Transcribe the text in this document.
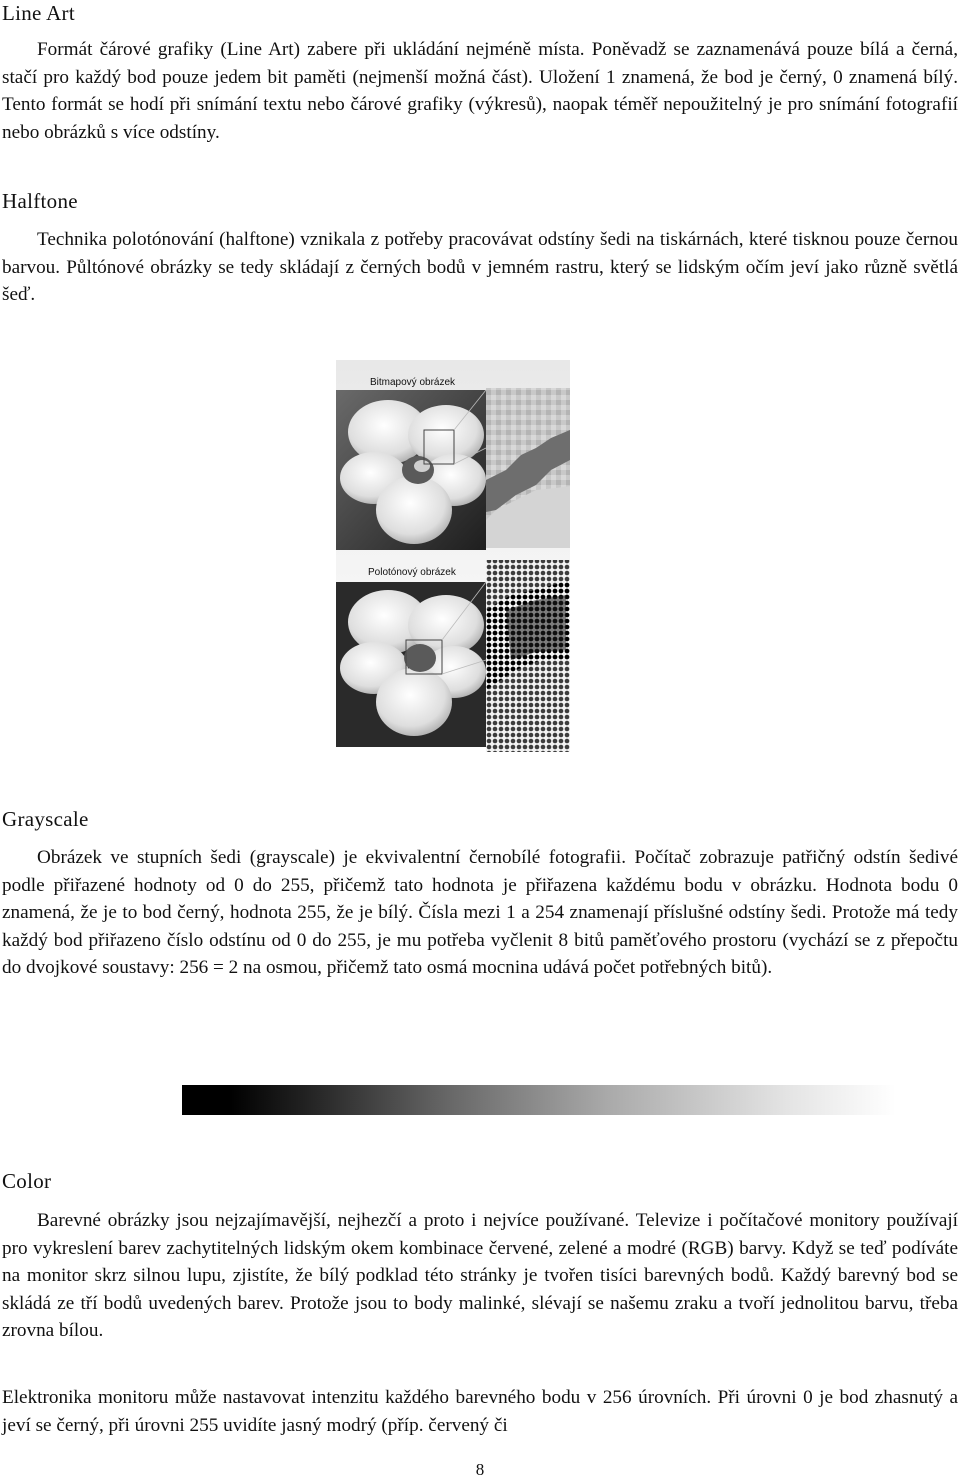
Line Art

Formát čárové grafiky (Line Art) zabere při ukládání nejméně místa. Poněvadž se zaznamenává pouze bílá a černá, stačí pro každý bod pouze jedem bit paměti (nejmenší možná část). Uložení 1 znamená, že bod je černý, 0 znamená bílý. Tento formát se hodí při snímání textu nebo čárové grafiky (výkresů), naopak téměř nepoužitelný je pro snímání fotografií nebo obrázků s více odstíny.

Halftone

Technika polotónování (halftone) vznikala z potřeby pracovávat odstíny šedi na tiskárnách, které tisknou pouze černou barvou. Půltónové obrázky se tedy skládají z černých bodů v jemném rastru, který se lidským očím jeví jako různě světlá šeď.

Bitmapový obrázek
Polotónový obrázek
Grayscale

Obrázek ve stupních šedi (grayscale) je ekvivalentní černobílé fotografii. Počítač zobrazuje patřičný odstín šedivé podle přiřazené hodnoty od 0 do 255, přičemž tato hodnota je přiřazena každému bodu v obrázku. Hodnota bodu 0 znamená, že je to bod černý, hodnota 255, že je bílý. Čísla mezi 1 a 254 znamenají příslušné odstíny šedi. Protože má tedy každý bod přiřazeno číslo odstínu od 0 do 255, je mu potřeba vyčlenit 8 bitů paměťového prostoru (vychází se z přepočtu do dvojkové soustavy: 256 = 2 na osmou, přičemž tato osmá mocnina udává počet potřebných bitů).

Color

Barevné obrázky jsou nejzajímavější, nejhezčí a proto i nejvíce používané. Televize i počítačové monitory používají pro vykreslení barev zachytitelných lidským okem kombinace červené, zelené a modré (RGB) barvy. Když se teď podíváte na monitor skrz silnou lupu, zjistíte, že bílý podklad této stránky je tvořen tisíci barevných bodů. Každý barevný bod se skládá ze tří bodů uvedených barev. Protože jsou to body malinké, slévají se našemu zraku a tvoří jednolitou barvu, třeba zrovna bílou.

Elektronika monitoru může nastavovat intenzitu každého barevného bodu v 256 úrovních. Při úrovni 0 je bod zhasnutý a jeví se černý, při úrovni 255 uvidíte jasný modrý (příp. červený či

8
